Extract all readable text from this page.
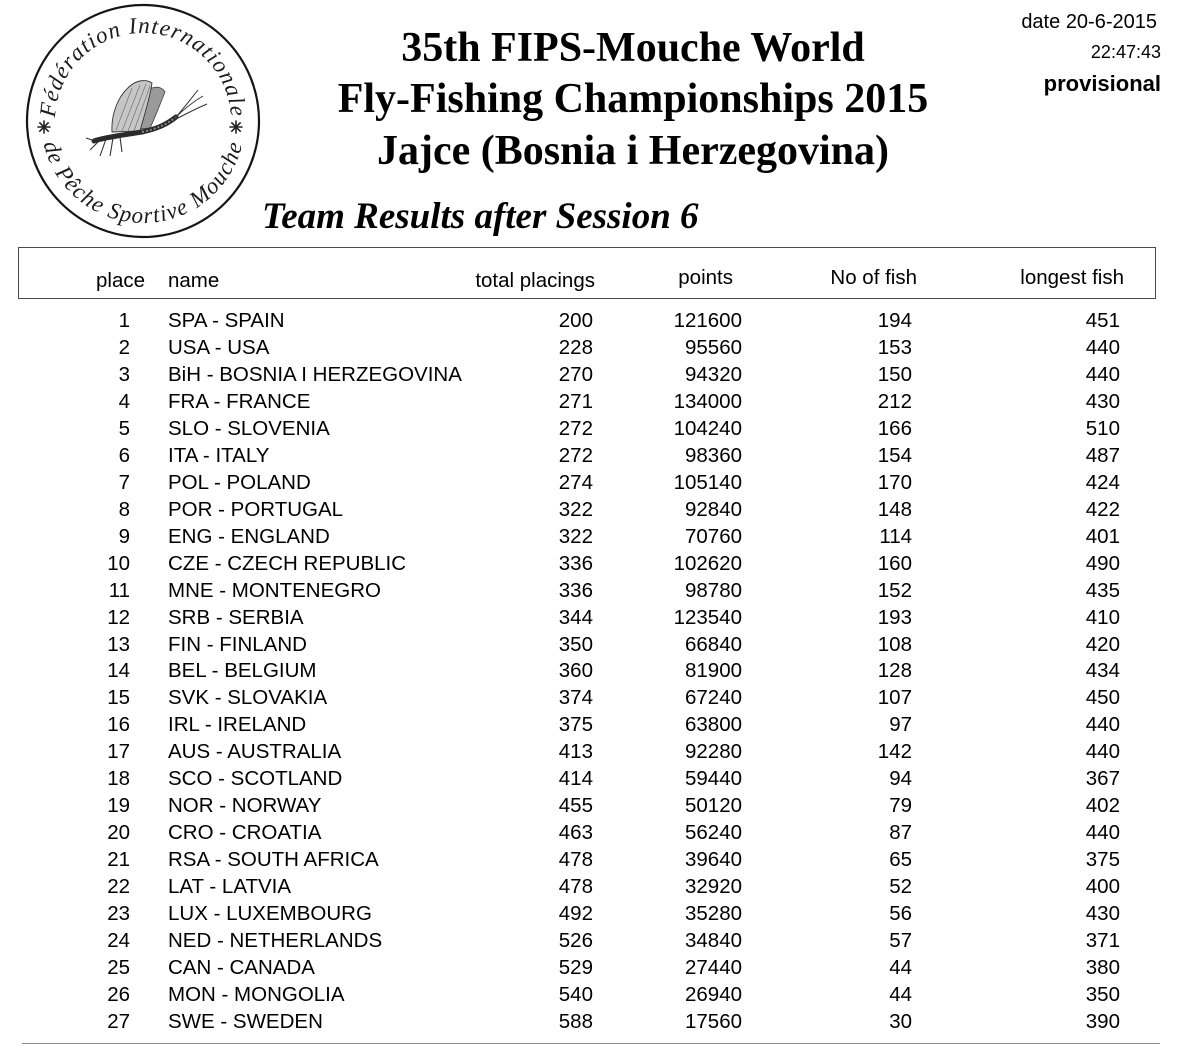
Fédération Internationale
de Pêche Sportive Mouche
35th FIPS-Mouche World
Fly-Fishing Championships 2015
Jajce (Bosnia i Herzegovina)
Team Results after Session 6
date 20-6-2015
22:47:43
provisional
place name	total placings	points	No of fish	longest fish
1 SPA - SPAIN	200	121600	194	451
2 USA - USA	228	95560	153	440
3 BiH - BOSNIA I HERZEGOVINA	270	94320	150	440
4 FRA - FRANCE	271	134000	212	430
5 SLO - SLOVENIA	272	104240	166	510
6 ITA - ITALY	272	98360	154	487
7 POL - POLAND	274	105140	170	424
8 POR - PORTUGAL	322	92840	148	422
9 ENG - ENGLAND	322	70760	114	401
10 CZE - CZECH REPUBLIC	336	102620	160	490
11 MNE - MONTENEGRO	336	98780	152	435
12 SRB - SERBIA	344	123540	193	410
13 FIN - FINLAND	350	66840	108	420
14 BEL - BELGIUM	360	81900	128	434
15 SVK - SLOVAKIA	374	67240	107	450
16 IRL - IRELAND	375	63800	97	440
17 AUS - AUSTRALIA	413	92280	142	440
18 SCO - SCOTLAND	414	59440	94	367
19 NOR - NORWAY	455	50120	79	402
20 CRO - CROATIA	463	56240	87	440
21 RSA - SOUTH AFRICA	478	39640	65	375
22 LAT - LATVIA	478	32920	52	400
23 LUX - LUXEMBOURG	492	35280	56	430
24 NED - NETHERLANDS	526	34840	57	371
25 CAN - CANADA	529	27440	44	380
26 MON - MONGOLIA	540	26940	44	350
27 SWE - SWEDEN	588	17560	30	390
